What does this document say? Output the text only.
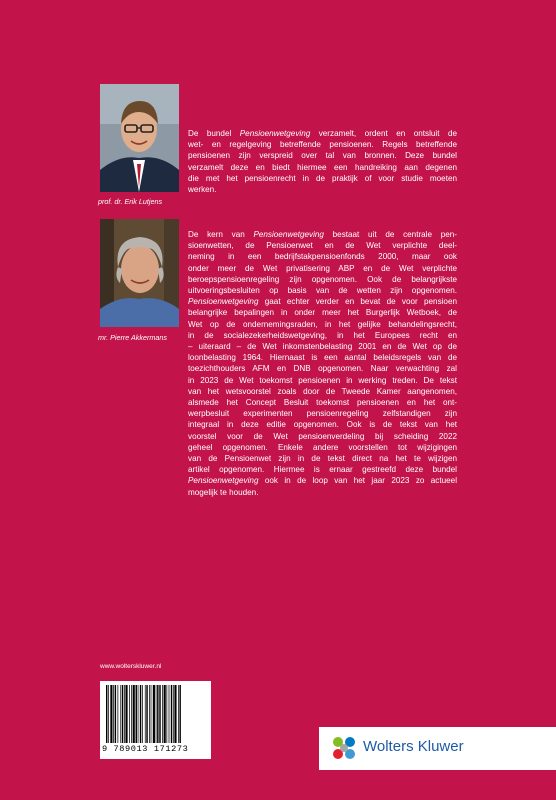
prof. dr. Erik Lutjens
mr. Pierre Akkermans
De bundel Pensioenwetgeving verzamelt, ordent en ontsluit de
wet- en regelgeving betreffende pensioenen. Regels betreffende
pensioenen zijn verspreid over tal van bronnen. Deze bundel
verzamelt deze en biedt hiermee een handreiking aan degenen
die met het pensioenrecht in de praktijk of voor studie moeten
werken.
De kern van Pensioenwetgeving bestaat uit de centrale pen-
sioenwetten, de Pensioenwet en de Wet verplichte deel-
neming in een bedrijfstakpensioenfonds 2000, maar ook
onder meer de Wet privatisering ABP en de Wet verplichte
beroepspensioenregeling zijn opgenomen. Ook de belangrijkste
uitvoeringsbesluiten op basis van de wetten zijn opgenomen.
Pensioenwetgeving gaat echter verder en bevat de voor pensioen
belangrijke bepalingen in onder meer het Burgerlijk Wetboek, de
Wet op de ondernemingsraden, in het gelijke behandelingsrecht,
in de socialezekerheidswetgeving, in het Europees recht en
– uiteraard – de Wet inkomstenbelasting 2001 en de Wet op de
loonbelasting 1964. Hiernaast is een aantal beleidsregels van de
toezichthouders AFM en DNB opgenomen. Naar verwachting zal
in 2023 de Wet toekomst pensioenen in werking treden. De tekst
van het wetsvoorstel zoals door de Tweede Kamer aangenomen,
alsmede het Concept Besluit toekomst pensioenen en het ont-
werpbesluit experimenten pensioenregeling zelfstandigen zijn
integraal in deze editie opgenomen. Ook is de tekst van het
voorstel voor de Wet pensioenverdeling bij scheiding 2022
geheel opgenomen. Enkele andere voorstellen tot wijzigingen
van de Pensioenwet zijn in de tekst direct na het te wijzigen
artikel opgenomen. Hiermee is ernaar gestreefd deze bundel
Pensioenwetgeving ook in de loop van het jaar 2023 zo actueel
mogelijk te houden.
www.wolterskluwer.nl
9 789013 171273	Wolters Kluwer
